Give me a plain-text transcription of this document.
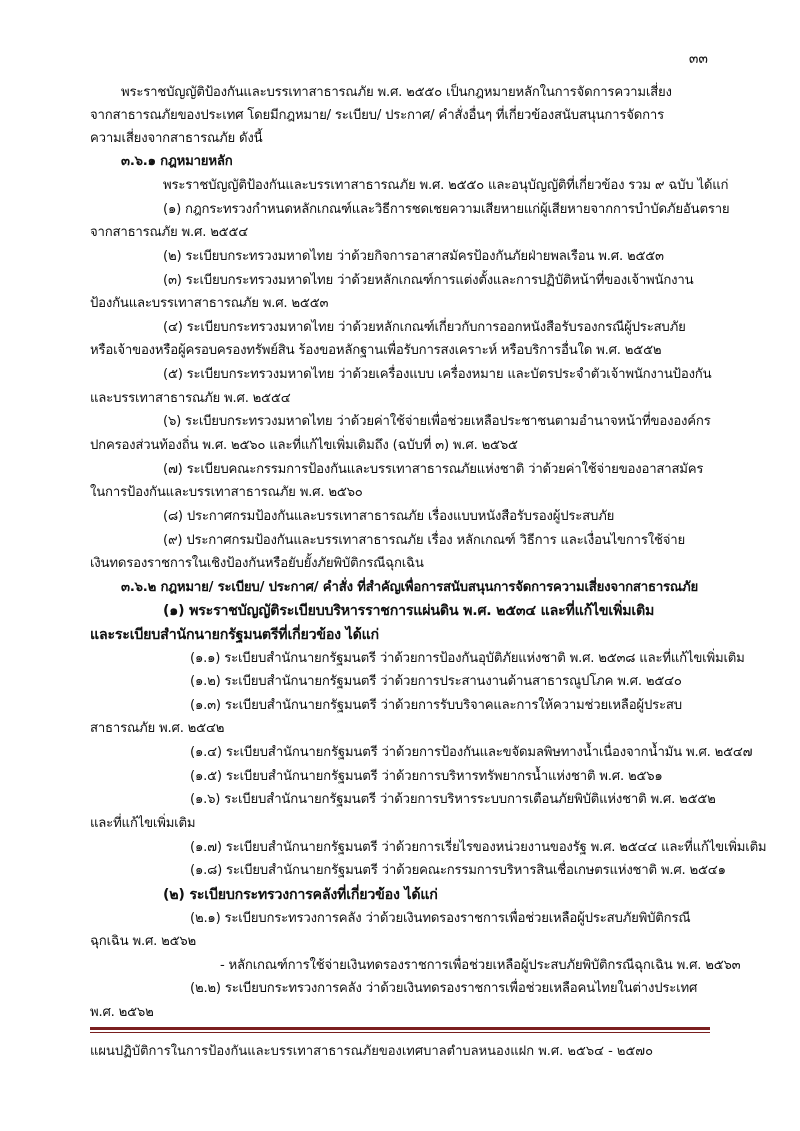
๓๓
พระราชบัญญัติป้องกันและบรรเทาสาธารณภัย พ.ศ. ๒๕๕๐ เป็นกฎหมายหลักในการจัดการความเสี่ยง
จากสาธารณภัยของประเทศ โดยมีกฎหมาย/ ระเบียบ/ ประกาศ/ คำสั่งอื่นๆ ที่เกี่ยวข้องสนับสนุนการจัดการ
ความเสี่ยงจากสาธารณภัย ดังนี้
๓.๖.๑ กฎหมายหลัก
พระราชบัญญัติป้องกันและบรรเทาสาธารณภัย พ.ศ. ๒๕๕๐ และอนุบัญญัติที่เกี่ยวข้อง รวม ๙ ฉบับ ได้แก่
(๑) กฎกระทรวงกำหนดหลักเกณฑ์และวิธีการชดเชยความเสียหายแก่ผู้เสียหายจากการบำบัดภัยอันตราย
จากสาธารณภัย พ.ศ. ๒๕๕๔
(๒) ระเบียบกระทรวงมหาดไทย ว่าด้วยกิจการอาสาสมัครป้องกันภัยฝ่ายพลเรือน พ.ศ. ๒๕๕๓
(๓) ระเบียบกระทรวงมหาดไทย ว่าด้วยหลักเกณฑ์การแต่งตั้งและการปฏิบัติหน้าที่ของเจ้าพนักงาน
ป้องกันและบรรเทาสาธารณภัย พ.ศ. ๒๕๕๓
(๔) ระเบียบกระทรวงมหาดไทย ว่าด้วยหลักเกณฑ์เกี่ยวกับการออกหนังสือรับรองกรณีผู้ประสบภัย
หรือเจ้าของหรือผู้ครอบครองทรัพย์สิน ร้องขอหลักฐานเพื่อรับการสงเคราะห์ หรือบริการอื่นใด พ.ศ. ๒๕๕๒
(๕) ระเบียบกระทรวงมหาดไทย ว่าด้วยเครื่องแบบ เครื่องหมาย และบัตรประจำตัวเจ้าพนักงานป้องกัน
และบรรเทาสาธารณภัย พ.ศ. ๒๕๕๔
(๖) ระเบียบกระทรวงมหาดไทย ว่าด้วยค่าใช้จ่ายเพื่อช่วยเหลือประชาชนตามอำนาจหน้าที่ขององค์กร
ปกครองส่วนท้องถิ่น พ.ศ. ๒๕๖๐ และที่แก้ไขเพิ่มเติมถึง (ฉบับที่ ๓) พ.ศ. ๒๕๖๕
(๗) ระเบียบคณะกรรมการป้องกันและบรรเทาสาธารณภัยแห่งชาติ ว่าด้วยค่าใช้จ่ายของอาสาสมัคร
ในการป้องกันและบรรเทาสาธารณภัย พ.ศ. ๒๕๖๐
(๘) ประกาศกรมป้องกันและบรรเทาสาธารณภัย เรื่องแบบหนังสือรับรองผู้ประสบภัย
(๙) ประกาศกรมป้องกันและบรรเทาสาธารณภัย เรื่อง หลักเกณฑ์ วิธีการ และเงื่อนไขการใช้จ่าย
เงินทดรองราชการในเชิงป้องกันหรือยับยั้งภัยพิบัติกรณีฉุกเฉิน
๓.๖.๒ กฎหมาย/ ระเบียบ/ ประกาศ/ คำสั่ง ที่สำคัญเพื่อการสนับสนุนการจัดการความเสี่ยงจากสาธารณภัย
(๑) พระราชบัญญัติระเบียบบริหารราชการแผ่นดิน พ.ศ. ๒๕๓๔ และที่แก้ไขเพิ่มเติม
และระเบียบสำนักนายกรัฐมนตรีที่เกี่ยวข้อง ได้แก่
(๑.๑) ระเบียบสำนักนายกรัฐมนตรี ว่าด้วยการป้องกันอุบัติภัยแห่งชาติ พ.ศ. ๒๕๓๘ และที่แก้ไขเพิ่มเติม
(๑.๒) ระเบียบสำนักนายกรัฐมนตรี ว่าด้วยการประสานงานด้านสาธารณูปโภค พ.ศ. ๒๕๔๐
(๑.๓) ระเบียบสำนักนายกรัฐมนตรี ว่าด้วยการรับบริจาคและการให้ความช่วยเหลือผู้ประสบ
สาธารณภัย พ.ศ. ๒๕๔๒
(๑.๔) ระเบียบสำนักนายกรัฐมนตรี ว่าด้วยการป้องกันและขจัดมลพิษทางน้ำเนื่องจากน้ำมัน พ.ศ. ๒๕๔๗
(๑.๕) ระเบียบสำนักนายกรัฐมนตรี ว่าด้วยการบริหารทรัพยากรน้ำแห่งชาติ พ.ศ. ๒๕๖๑
(๑.๖) ระเบียบสำนักนายกรัฐมนตรี ว่าด้วยการบริหารระบบการเตือนภัยพิบัติแห่งชาติ พ.ศ. ๒๕๕๒
และที่แก้ไขเพิ่มเติม
(๑.๗) ระเบียบสำนักนายกรัฐมนตรี ว่าด้วยการเรี่ยไรของหน่วยงานของรัฐ พ.ศ. ๒๕๔๔ และที่แก้ไขเพิ่มเติม
(๑.๘) ระเบียบสำนักนายกรัฐมนตรี ว่าด้วยคณะกรรมการบริหารสินเชื่อเกษตรแห่งชาติ พ.ศ. ๒๕๔๑
(๒) ระเบียบกระทรวงการคลังที่เกี่ยวข้อง ได้แก่
(๒.๑) ระเบียบกระทรวงการคลัง ว่าด้วยเงินทดรองราชการเพื่อช่วยเหลือผู้ประสบภัยพิบัติกรณี
ฉุกเฉิน พ.ศ. ๒๕๖๒
- หลักเกณฑ์การใช้จ่ายเงินทดรองราชการเพื่อช่วยเหลือผู้ประสบภัยพิบัติกรณีฉุกเฉิน พ.ศ. ๒๕๖๓
(๒.๒) ระเบียบกระทรวงการคลัง ว่าด้วยเงินทดรองราชการเพื่อช่วยเหลือคนไทยในต่างประเทศ
พ.ศ. ๒๕๖๒
แผนปฏิบัติการในการป้องกันและบรรเทาสาธารณภัยของเทศบาลตำบลหนองแฝก พ.ศ. ๒๕๖๔ - ๒๕๗๐
